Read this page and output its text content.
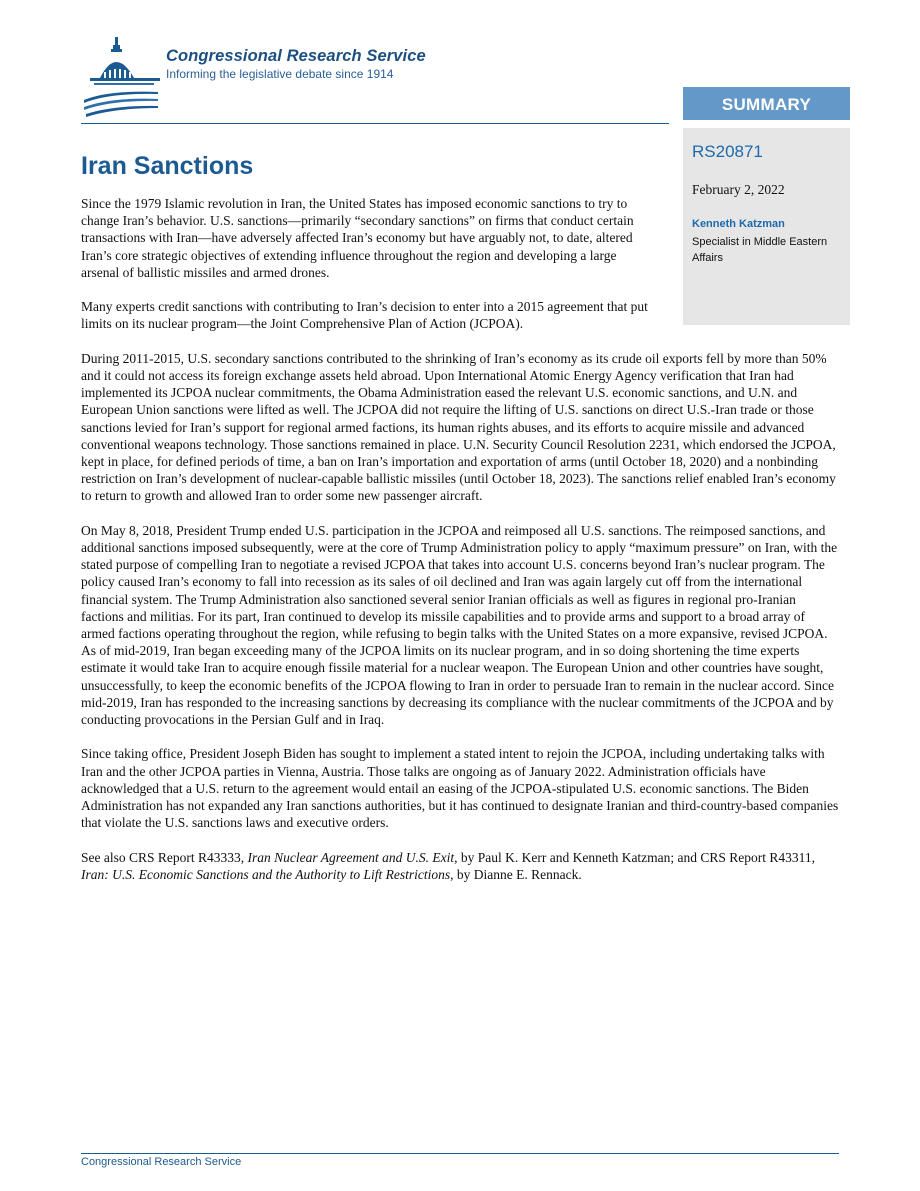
Congressional Research Service
Informing the legislative debate since 1914
SUMMARY
RS20871
February 2, 2022
Kenneth Katzman
Specialist in Middle Eastern Affairs
Iran Sanctions

Since the 1979 Islamic revolution in Iran, the United States has imposed economic sanctions to try to change Iran’s behavior. U.S. sanctions—primarily “secondary sanctions” on firms that conduct certain transactions with Iran—have adversely affected Iran’s economy but have arguably not, to date, altered Iran’s core strategic objectives of extending influence throughout the region and developing a large arsenal of ballistic missiles and armed drones.

Many experts credit sanctions with contributing to Iran’s decision to enter into a 2015 agreement that put limits on its nuclear program—the Joint Comprehensive Plan of Action (JCPOA).

During 2011-2015, U.S. secondary sanctions contributed to the shrinking of Iran’s economy as its crude oil exports fell by more than 50% and it could not access its foreign exchange assets held abroad. Upon International Atomic Energy Agency verification that Iran had implemented its JCPOA nuclear commitments, the Obama Administration eased the relevant U.S. economic sanctions, and U.N. and European Union sanctions were lifted as well. The JCPOA did not require the lifting of U.S. sanctions on direct U.S.-Iran trade or those sanctions levied for Iran’s support for regional armed factions, its human rights abuses, and its efforts to acquire missile and advanced conventional weapons technology. Those sanctions remained in place. U.N. Security Council Resolution 2231, which endorsed the JCPOA, kept in place, for defined periods of time, a ban on Iran’s importation and exportation of arms (until October 18, 2020) and a nonbinding restriction on Iran’s development of nuclear-capable ballistic missiles (until October 18, 2023). The sanctions relief enabled Iran’s economy to return to growth and allowed Iran to order some new passenger aircraft.

On May 8, 2018, President Trump ended U.S. participation in the JCPOA and reimposed all U.S. sanctions. The reimposed sanctions, and additional sanctions imposed subsequently, were at the core of Trump Administration policy to apply “maximum pressure” on Iran, with the stated purpose of compelling Iran to negotiate a revised JCPOA that takes into account U.S. concerns beyond Iran’s nuclear program. The policy caused Iran’s economy to fall into recession as its sales of oil declined and Iran was again largely cut off from the international financial system. The Trump Administration also sanctioned several senior Iranian officials as well as figures in regional pro-Iranian factions and militias. For its part, Iran continued to develop its missile capabilities and to provide arms and support to a broad array of armed factions operating throughout the region, while refusing to begin talks with the United States on a more expansive, revised JCPOA. As of mid-2019, Iran began exceeding many of the JCPOA limits on its nuclear program, and in so doing shortening the time experts estimate it would take Iran to acquire enough fissile material for a nuclear weapon. The European Union and other countries have sought, unsuccessfully, to keep the economic benefits of the JCPOA flowing to Iran in order to persuade Iran to remain in the nuclear accord. Since mid-2019, Iran has responded to the increasing sanctions by decreasing its compliance with the nuclear commitments of the JCPOA and by conducting provocations in the Persian Gulf and in Iraq.

Since taking office, President Joseph Biden has sought to implement a stated intent to rejoin the JCPOA, including undertaking talks with Iran and the other JCPOA parties in Vienna, Austria. Those talks are ongoing as of January 2022. Administration officials have acknowledged that a U.S. return to the agreement would entail an easing of the JCPOA-stipulated U.S. economic sanctions. The Biden Administration has not expanded any Iran sanctions authorities, but it has continued to designate Iranian and third-country-based companies that violate the U.S. sanctions laws and executive orders.

See also CRS Report R43333, Iran Nuclear Agreement and U.S. Exit, by Paul K. Kerr and Kenneth Katzman; and CRS Report R43311, Iran: U.S. Economic Sanctions and the Authority to Lift Restrictions, by Dianne E. Rennack.

Congressional Research Service
